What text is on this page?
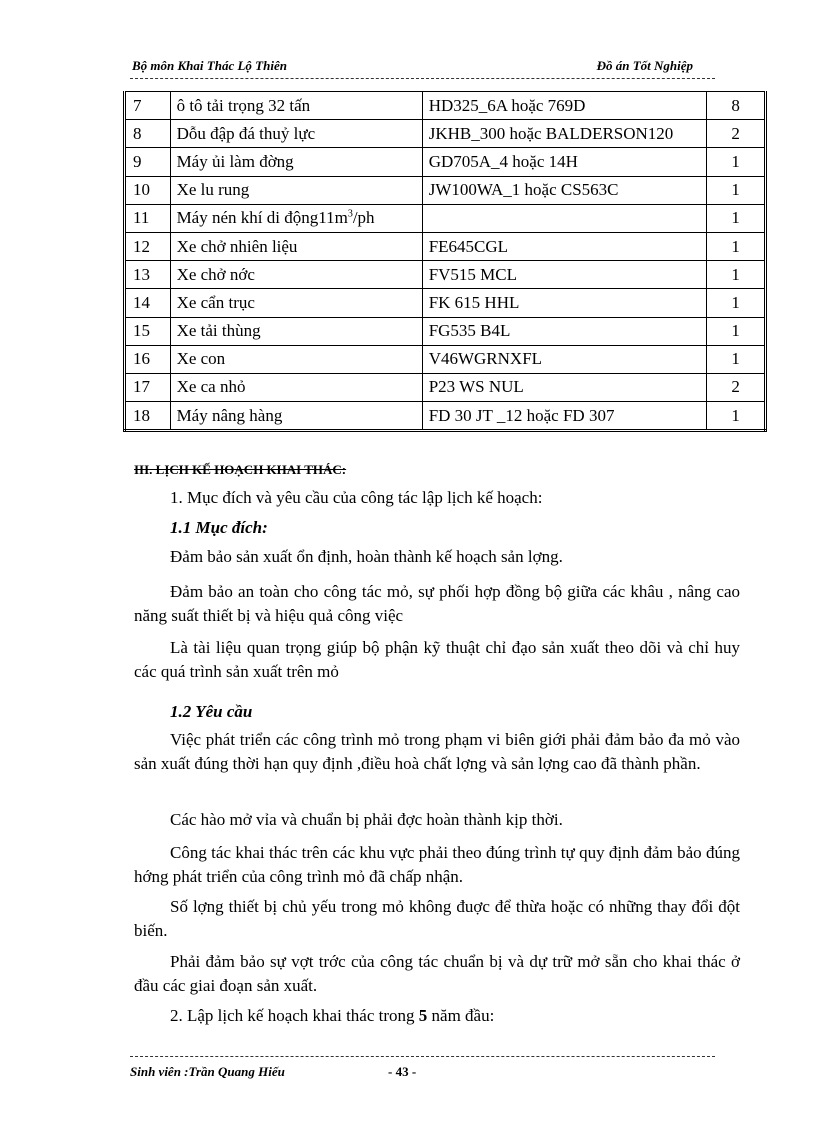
Bộ môn Khai Thác Lộ Thiên	Đồ án Tốt Nghiệp
7	ô tô tải trọng 32 tấn	HD325_6A hoặc 769D	8
8	Dỗu đập đá thuỷ lực	JKHB_300 hoặc BALDERSON120	2
9	Máy ủi làm đờng	GD705A_4 hoặc 14H	1
10	Xe lu rung	JW100WA_1 hoặc CS563C	1
11	Máy nén khí di $động11m^3/ph$		1
12	Xe chở nhiên liệu	FE645CGL	1
13	Xe chở nớc	FV515 MCL	1
14	Xe cẩn trục	FK 615 HHL	1
15	Xe tải thùng	FG535 B4L	1
16	Xe con	V46WGRNXFL	1
17	Xe ca nhỏ	P23 WS NUL	2
18	Máy nâng hàng	FD 30 JT _12 hoặc FD 307	1
III. LỊCH KẾ HOẠCH KHAI THÁC:
1. Mục đích và yêu cầu của công tác lập lịch kế hoạch:
1.1 Mục đích:
Đảm bảo sản xuất ổn định, hoàn thành kế hoạch sản lợng.
Đảm bảo an toàn cho công tác mỏ, sự phối hợp đồng bộ giữa các khâu , nâng cao năng suất thiết bị và hiệu quả công việc
Là tài liệu quan trọng giúp bộ phận kỹ thuật chỉ đạo sản xuất theo dõi và chỉ huy các quá trình sản xuất trên mỏ
1.2 Yêu cầu
Việc phát triển các công trình mỏ trong phạm vi biên giới phải đảm bảo đa mỏ vào sản xuất đúng thời hạn quy định ,điều hoà chất lợng và sản lợng cao đã thành phần.
Các hào mở vỉa và chuẩn bị phải đợc hoàn thành kịp thời.
Công tác khai thác trên các khu vực phải theo đúng trình tự quy định đảm bảo đúng hớng phát triển của công trình mỏ đã chấp nhận.
Số lợng thiết bị chủ yếu trong mỏ không đuợc để thừa hoặc có những thay đổi đột biến.
Phải đảm bảo sự vợt trớc của công tác chuẩn bị và dự trữ mở sẵn cho khai thác ở đầu các giai đoạn sản xuất.
2. Lập lịch kế hoạch khai thác trong 5 năm đầu:
Sinh viên :Trần Quang Hiếu	- 43 -
